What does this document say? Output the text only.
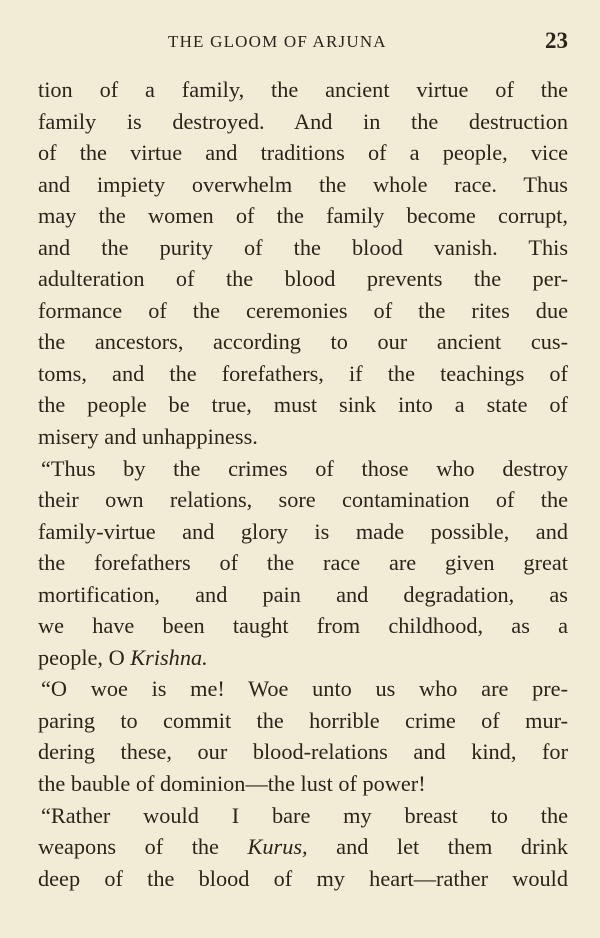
THE GLOOM OF ARJUNA	23
tion of a family, the ancient virtue of the
family is destroyed. And in the destruction
of the virtue and traditions of a people, vice
and impiety overwhelm the whole race. Thus
may the women of the family become corrupt,
and the purity of the blood vanish. This
adulteration of the blood prevents the per-
formance of the ceremonies of the rites due
the ancestors, according to our ancient cus-
toms, and the forefathers, if the teachings of
the people be true, must sink into a state of
misery and unhappiness.
“Thus by the crimes of those who destroy
their own relations, sore contamination of the
family-virtue and glory is made possible, and
the forefathers of the race are given great
mortification, and pain and degradation, as
we have been taught from childhood, as a
people, O Krishna.
“O woe is me! Woe unto us who are pre-
paring to commit the horrible crime of mur-
dering these, our blood-relations and kind, for
the bauble of dominion—the lust of power!
“Rather would I bare my breast to the
weapons of the Kurus, and let them drink
deep of the blood of my heart—rather would
